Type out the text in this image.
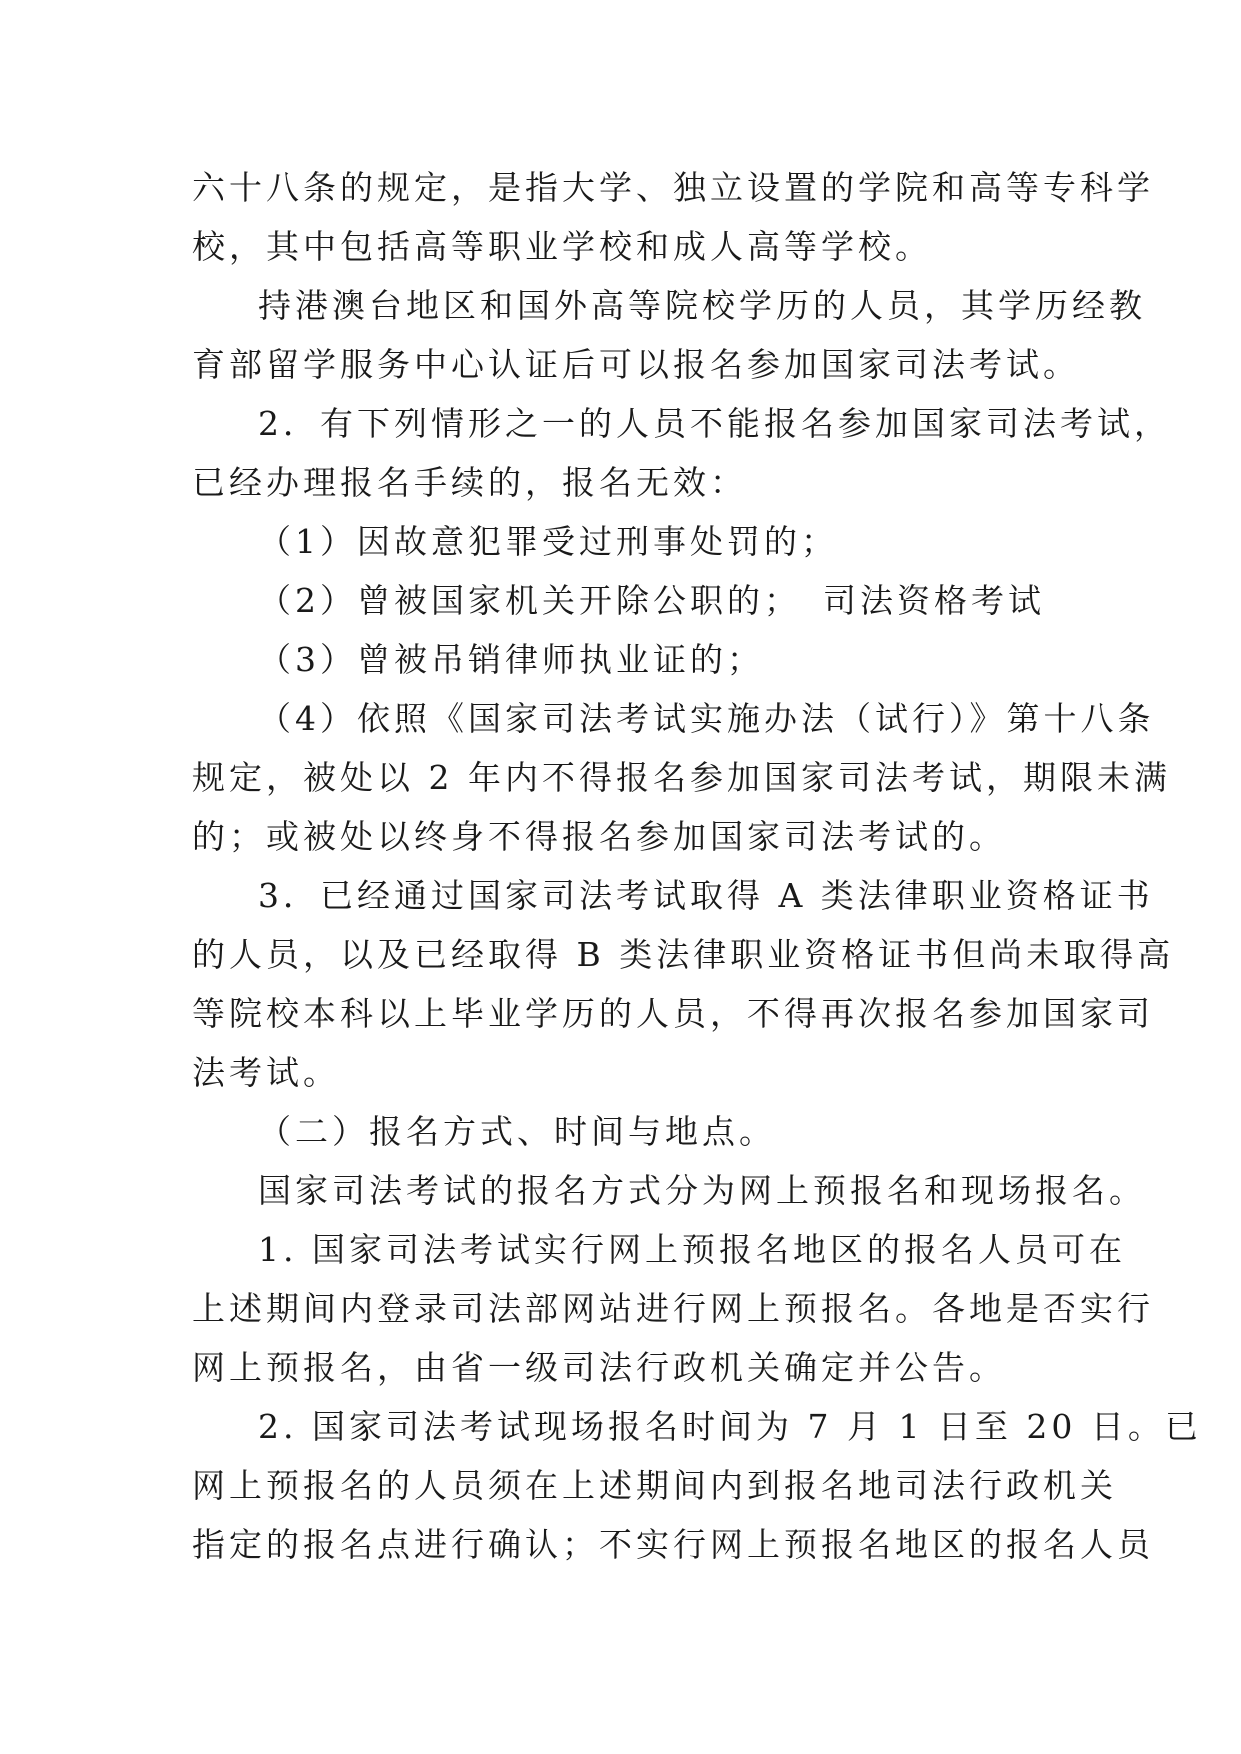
六十八条的规定，是指大学、独立设置的学院和高等专科学
校，其中包括高等职业学校和成人高等学校。
持港澳台地区和国外高等院校学历的人员，其学历经教
育部留学服务中心认证后可以报名参加国家司法考试。
2．有下列情形之一的人员不能报名参加国家司法考试，
已经办理报名手续的，报名无效：
（1）因故意犯罪受过刑事处罚的；
（2）曾被国家机关开除公职的； 司法资格考试
（3）曾被吊销律师执业证的；
（4）依照《国家司法考试实施办法（试行）》第十八条
规定，被处以 2 年内不得报名参加国家司法考试，期限未满
的；或被处以终身不得报名参加国家司法考试的。
3．已经通过国家司法考试取得 A 类法律职业资格证书
的人员，以及已经取得 B 类法律职业资格证书但尚未取得高
等院校本科以上毕业学历的人员，不得再次报名参加国家司
法考试。
（二）报名方式、时间与地点。
国家司法考试的报名方式分为网上预报名和现场报名。
1. 国家司法考试实行网上预报名地区的报名人员可在
上述期间内登录司法部网站进行网上预报名。各地是否实行
网上预报名，由省一级司法行政机关确定并公告。
2. 国家司法考试现场报名时间为 7 月 1 日至 20 日。已
网上预报名的人员须在上述期间内到报名地司法行政机关
指定的报名点进行确认；不实行网上预报名地区的报名人员
